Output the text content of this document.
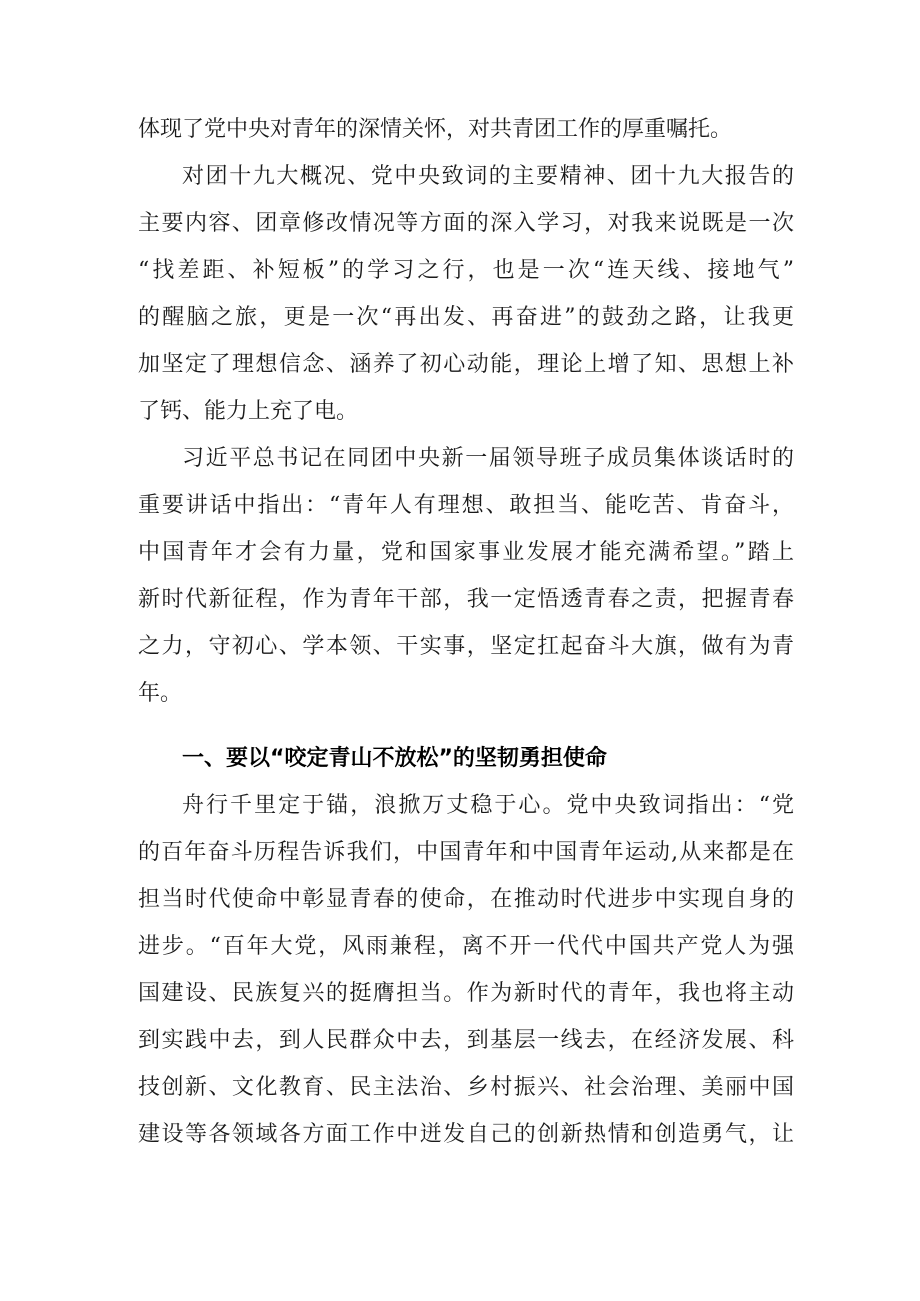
体现了党中央对青年的深情关怀，对共青团工作的厚重嘱托。
对团十九大概况、党中央致词的主要精神、团十九大报告的
主要内容、团章修改情况等方面的深入学习，对我来说既是一次
“找差距、补短板”的学习之行，也是一次“连天线、接地气”
的醒脑之旅，更是一次“再出发、再奋进”的鼓劲之路，让我更
加坚定了理想信念、涵养了初心动能，理论上增了知、思想上补
了钙、能力上充了电。
习近平总书记在同团中央新一届领导班子成员集体谈话时的
重要讲话中指出：“青年人有理想、敢担当、能吃苦、肯奋斗，
中国青年才会有力量，党和国家事业发展才能充满希望。”踏上
新时代新征程，作为青年干部，我一定悟透青春之责，把握青春
之力，守初心、学本领、干实事，坚定扛起奋斗大旗，做有为青
年。
一、要以“咬定青山不放松”的坚韧勇担使命
舟行千里定于锚，浪掀万丈稳于心。党中央致词指出：“党
的百年奋斗历程告诉我们，中国青年和中国青年运动,从来都是在
担当时代使命中彰显青春的使命，在推动时代进步中实现自身的
进步。“百年大党，风雨兼程，离不开一代代中国共产党人为强
国建设、民族复兴的挺膺担当。作为新时代的青年，我也将主动
到实践中去，到人民群众中去，到基层一线去，在经济发展、科
技创新、文化教育、民主法治、乡村振兴、社会治理、美丽中国
建设等各领域各方面工作中迸发自己的创新热情和创造勇气，让
